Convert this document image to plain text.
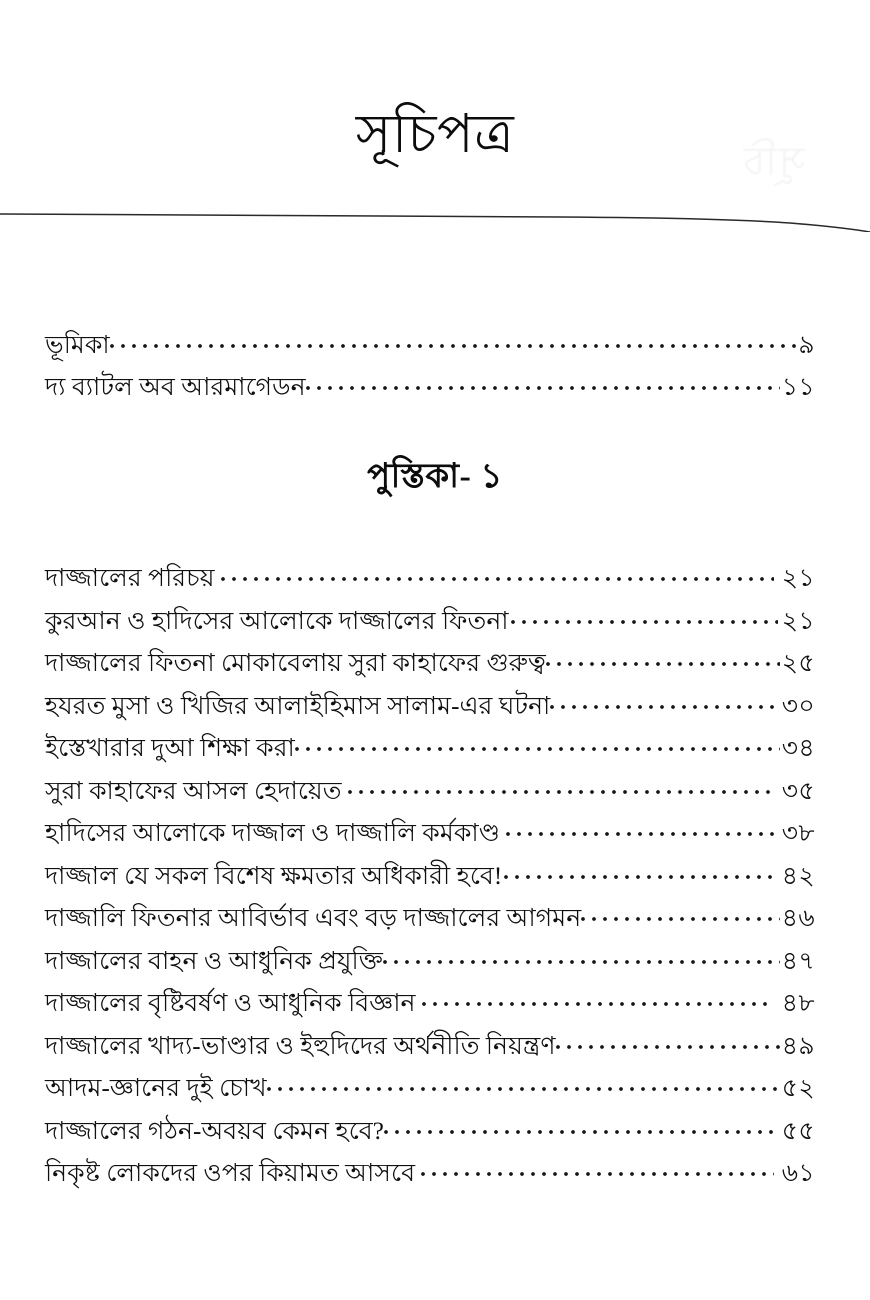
সূচি
সূচিপত্র
ভূমিকা	৯
দ্য ব্যাটল অব আরমাগেডন	১১
পুস্তিকা- ১
দাজ্জালের পরিচয়	২১
কুরআন ও হাদিসের আলোকে দাজ্জালের ফিতনা	২১
দাজ্জালের ফিতনা মোকাবেলায় সুরা কাহাফের গুরুত্ব	২৫
হযরত মুসা ও খিজির আলাইহিমাস সালাম-এর ঘটনা	৩০
ইস্তেখারার দুআ শিক্ষা করা	৩৪
সুরা কাহাফের আসল হেদায়েত	৩৫
হাদিসের আলোকে দাজ্জাল ও দাজ্জালি কর্মকাণ্ড	৩৮
দাজ্জাল যে সকল বিশেষ ক্ষমতার অধিকারী হবে!	৪২
দাজ্জালি ফিতনার আবির্ভাব এবং বড় দাজ্জালের আগমন	৪৬
দাজ্জালের বাহন ও আধুনিক প্রযুক্তি	৪৭
দাজ্জালের বৃষ্টিবর্ষণ ও আধুনিক বিজ্ঞান	৪৮
দাজ্জালের খাদ্য-ভাণ্ডার ও ইহুদিদের অর্থনীতি নিয়ন্ত্রণ	৪৯
আদম-জ্ঞানের দুই চোখ	৫২
দাজ্জালের গঠন-অবয়ব কেমন হবে?	৫৫
নিকৃষ্ট লোকদের ওপর কিয়ামত আসবে	৬১
